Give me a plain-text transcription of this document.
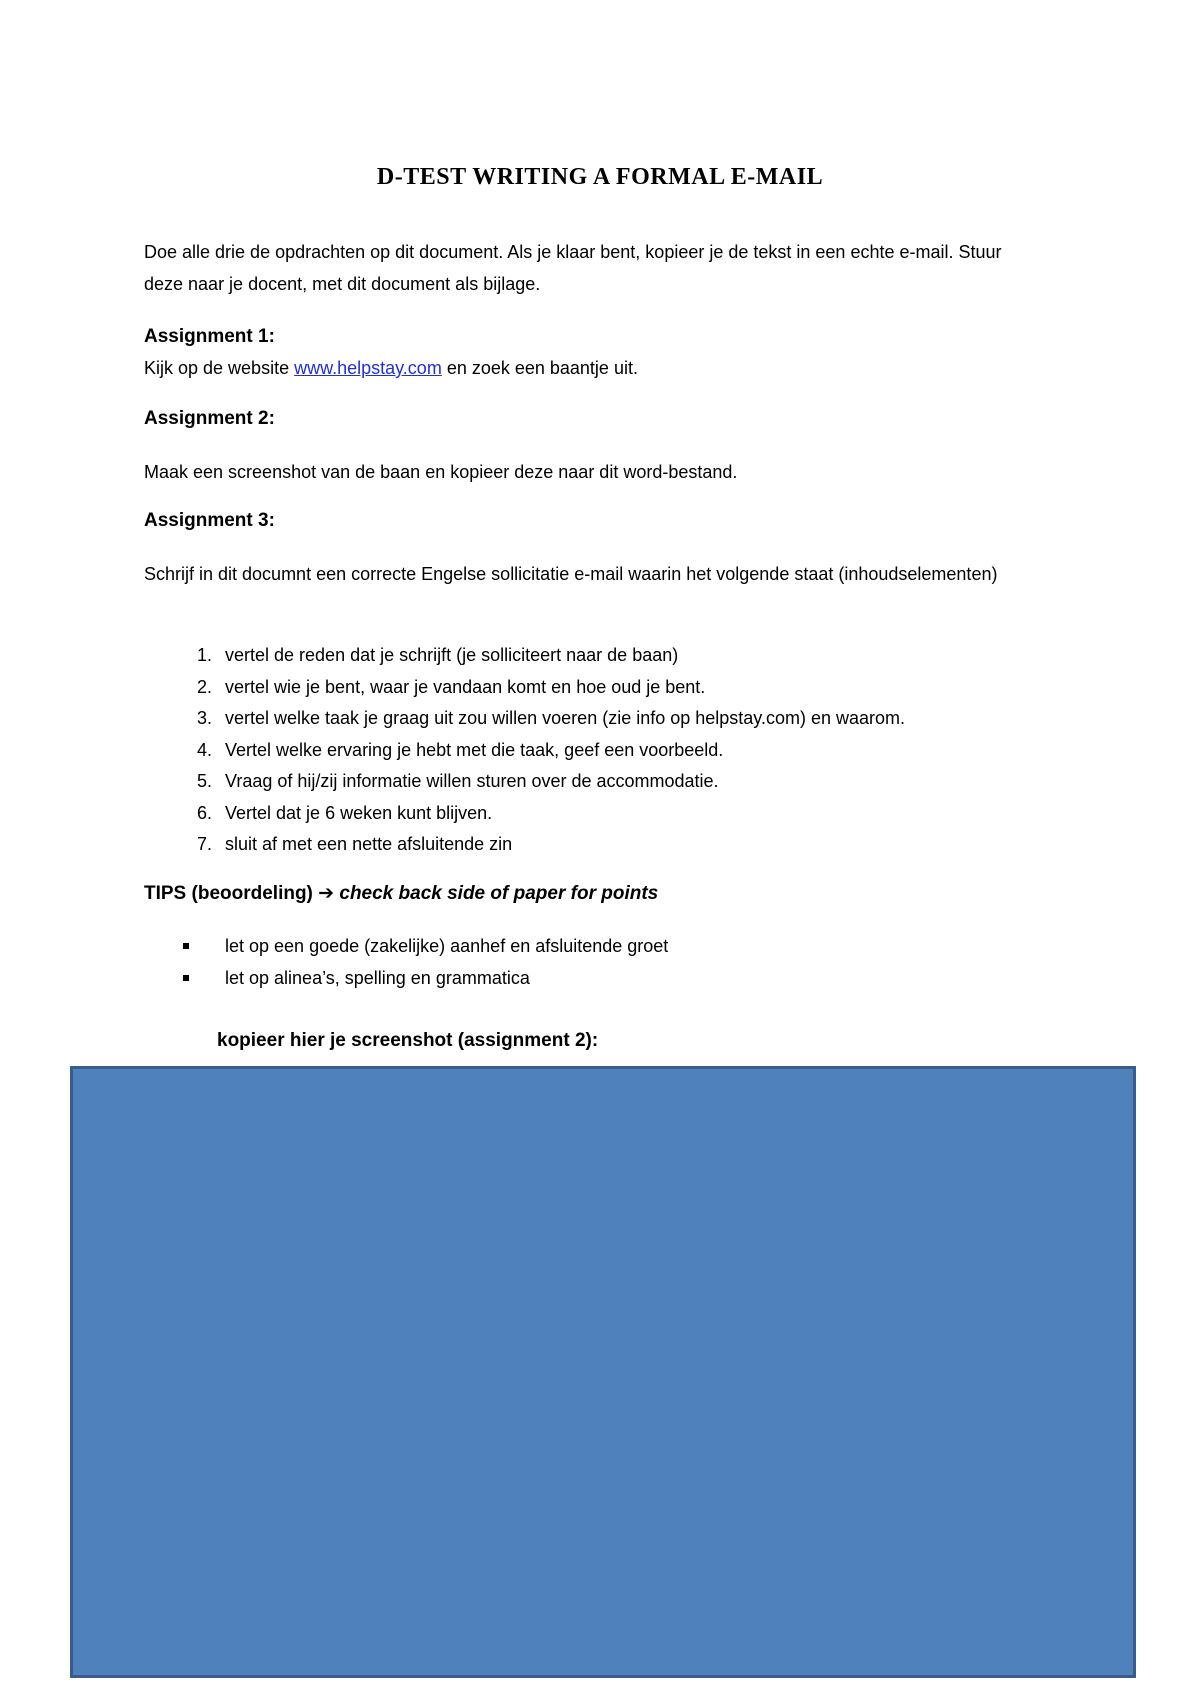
D-TEST WRITING A FORMAL E-MAIL
Doe alle drie de opdrachten op dit document. Als je klaar bent, kopieer je de tekst in een echte e-mail. Stuur deze naar je docent, met dit document als bijlage.
Assignment 1:
Kijk op de website www.helpstay.com en zoek een baantje uit.
Assignment 2:
Maak een screenshot van de baan en kopieer deze naar dit word-bestand.
Assignment 3:
Schrijf in dit documnt een correcte Engelse sollicitatie e-mail waarin het volgende staat (inhoudselementen)
1. vertel de reden dat je schrijft (je solliciteert naar de baan)
2. vertel wie je bent, waar je vandaan komt en hoe oud je bent.
3. vertel welke taak je graag uit zou willen voeren (zie info op helpstay.com) en waarom.
4. Vertel welke ervaring je hebt met die taak, geef een voorbeeld.
5. Vraag of hij/zij informatie willen sturen over de accommodatie.
6. Vertel dat je 6 weken kunt blijven.
7. sluit af met een nette afsluitende zin
TIPS (beoordeling) ➔ check back side of paper for points
let op een goede (zakelijke) aanhef en afsluitende groet
let op alinea’s, spelling en grammatica
kopieer hier je screenshot (assignment 2):
